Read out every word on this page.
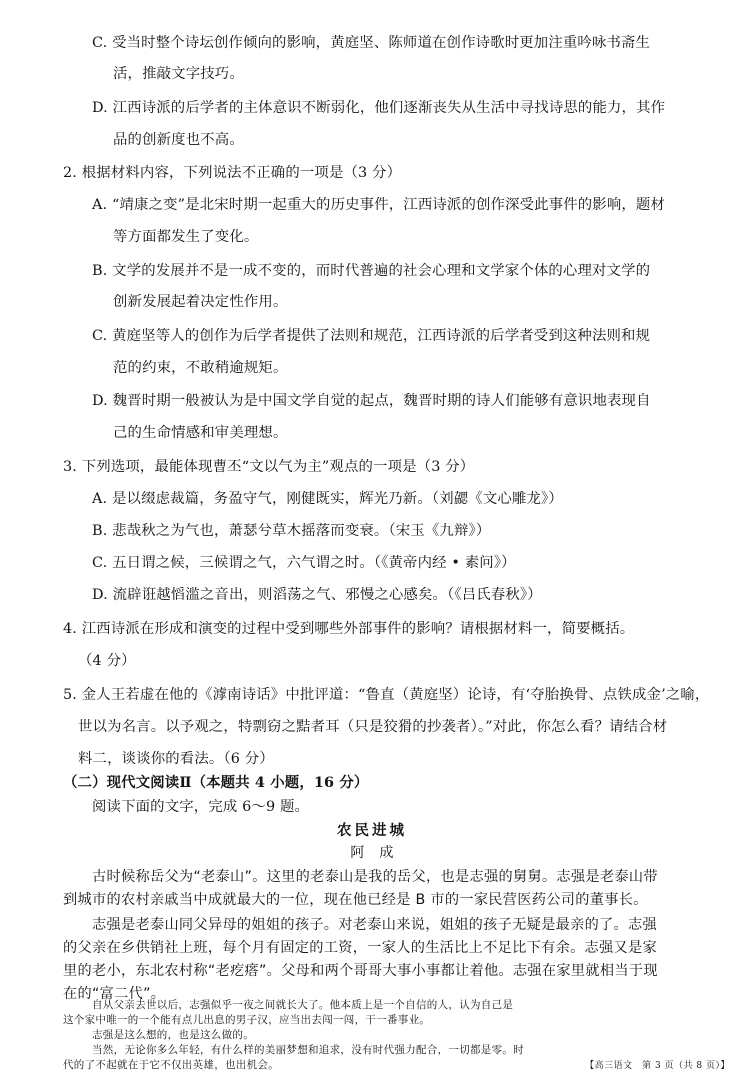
C. 受当时整个诗坛创作倾向的影响，黄庭坚、陈师道在创作诗歌时更加注重吟咏书斋生
活，推敲文字技巧。
D. 江西诗派的后学者的主体意识不断弱化，他们逐渐丧失从生活中寻找诗思的能力，其作
品的创新度也不高。
2. 根据材料内容，下列说法不正确的一项是（3 分）
A. “靖康之变”是北宋时期一起重大的历史事件，江西诗派的创作深受此事件的影响，题材
等方面都发生了变化。
B. 文学的发展并不是一成不变的，而时代普遍的社会心理和文学家个体的心理对文学的
创新发展起着决定性作用。
C. 黄庭坚等人的创作为后学者提供了法则和规范，江西诗派的后学者受到这种法则和规
范的约束，不敢稍逾规矩。
D. 魏晋时期一般被认为是中国文学自觉的起点，魏晋时期的诗人们能够有意识地表现自
己的生命情感和审美理想。
3. 下列选项，最能体现曹丕“文以气为主”观点的一项是（3 分）
A. 是以缀虑裁篇，务盈守气，刚健既实，辉光乃新。（刘勰《文心雕龙》）
B. 悲哉秋之为气也，萧瑟兮草木摇落而变衰。（宋玉《九辩》）
C. 五日谓之候，三候谓之气，六气谓之时。（《黄帝内经 • 素问》）
D. 流辟诳越慆滥之音出，则滔荡之气、邪慢之心感矣。（《吕氏春秋》）
4. 江西诗派在形成和演变的过程中受到哪些外部事件的影响？请根据材料一，简要概括。
（4 分）
5. 金人王若虚在他的《滹南诗话》中批评道：“鲁直（黄庭坚）论诗，有‘夺胎换骨、点铁成金’之喻，
世以为名言。以予观之，特剽窃之黠者耳（只是狡猾的抄袭者）。”对此，你怎么看？请结合材
料二，谈谈你的看法。（6 分）
（二）现代文阅读Ⅱ（本题共 4 小题，16 分）
阅读下面的文字，完成 6～9 题。
农民进城
阿　成
古时候称岳父为“老泰山”。这里的老泰山是我的岳父，也是志强的舅舅。志强是老泰山带
到城市的农村亲戚当中成就最大的一位，现在他已经是 B 市的一家民营医药公司的董事长。
志强是老泰山同父异母的姐姐的孩子。对老泰山来说，姐姐的孩子无疑是最亲的了。志强
的父亲在乡供销社上班，每个月有固定的工资，一家人的生活比上不足比下有余。志强又是家
里的老小，东北农村称“老疙瘩”。父母和两个哥哥大事小事都让着他。志强在家里就相当于现
在的“富二代”。
自从父亲去世以后，志强似乎一夜之间就长大了。他本质上是一个自信的人，认为自己是
这个家中唯一的一个能有点儿出息的男子汉，应当出去闯一闯，干一番事业。
志强是这么想的，也是这么做的。
当然，无论你多么年轻，有什么样的美丽梦想和追求，没有时代强力配合，一切都是零。时
代的了不起就在于它不仅出英雄，也出机会。	【高三语文　第 3 页（共 8 页）】
